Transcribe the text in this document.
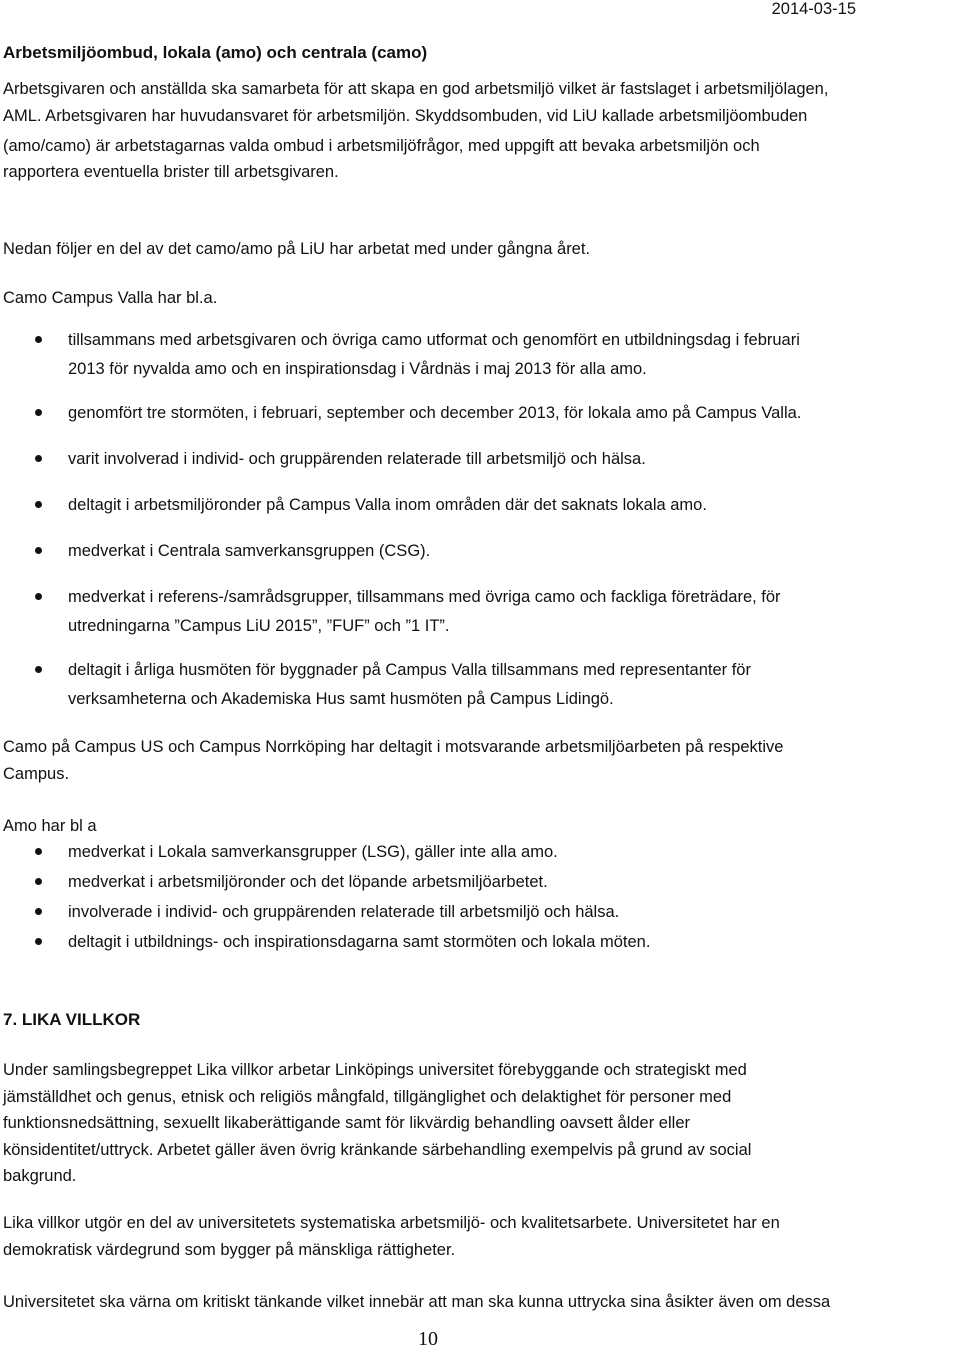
2014-03-15
Arbetsmiljöombud, lokala (amo) och centrala (camo)
Arbetsgivaren och anställda ska samarbeta för att skapa en god arbetsmiljö vilket är fastslaget i arbetsmiljölagen,
AML. Arbetsgivaren har huvudansvaret för arbetsmiljön. Skyddsombuden, vid LiU kallade arbetsmiljöombuden
(amo/camo) är arbetstagarnas valda ombud i arbetsmiljöfrågor, med uppgift att bevaka arbetsmiljön och
rapportera eventuella brister till arbetsgivaren.
Nedan följer en del av det camo/amo på LiU har arbetat med under gångna året.
Camo Campus Valla har bl.a.
tillsammans med arbetsgivaren och övriga camo utformat och genomfört en utbildningsdag i februari
2013 för nyvalda amo och en inspirationsdag i Vårdnäs i maj 2013 för alla amo.
genomfört tre stormöten, i februari, september och december 2013, för lokala amo på Campus Valla.
varit involverad i individ- och gruppärenden relaterade till arbetsmiljö och hälsa.
deltagit i arbetsmiljöronder på Campus Valla inom områden där det saknats lokala amo.
medverkat i Centrala samverkansgruppen (CSG).
medverkat i referens-/samrådsgrupper, tillsammans med övriga camo och fackliga företrädare, för
utredningarna ”Campus LiU 2015”, ”FUF” och ”1 IT”.
deltagit i årliga husmöten för byggnader på Campus Valla tillsammans med representanter för
verksamheterna och Akademiska Hus samt husmöten på Campus Lidingö.
Camo på Campus US och Campus Norrköping har deltagit i motsvarande arbetsmiljöarbeten på respektive
Campus.
Amo har bl a
medverkat i Lokala samverkansgrupper (LSG), gäller inte alla amo.
medverkat i arbetsmiljöronder och det löpande arbetsmiljöarbetet.
involverade i individ- och gruppärenden relaterade till arbetsmiljö och hälsa.
deltagit i utbildnings- och inspirationsdagarna samt stormöten och lokala möten.
7. LIKA VILLKOR
Under samlingsbegreppet Lika villkor arbetar Linköpings universitet förebyggande och strategiskt med
jämställdhet och genus, etnisk och religiös mångfald, tillgänglighet och delaktighet för personer med
funktionsnedsättning, sexuellt likaberättigande samt för likvärdig behandling oavsett ålder eller
könsidentitet/uttryck. Arbetet gäller även övrig kränkande särbehandling exempelvis på grund av social
bakgrund.
Lika villkor utgör en del av universitetets systematiska arbetsmiljö- och kvalitetsarbete. Universitetet har en
demokratisk värdegrund som bygger på mänskliga rättigheter.
Universitetet ska värna om kritiskt tänkande vilket innebär att man ska kunna uttrycka sina åsikter även om dessa
10
